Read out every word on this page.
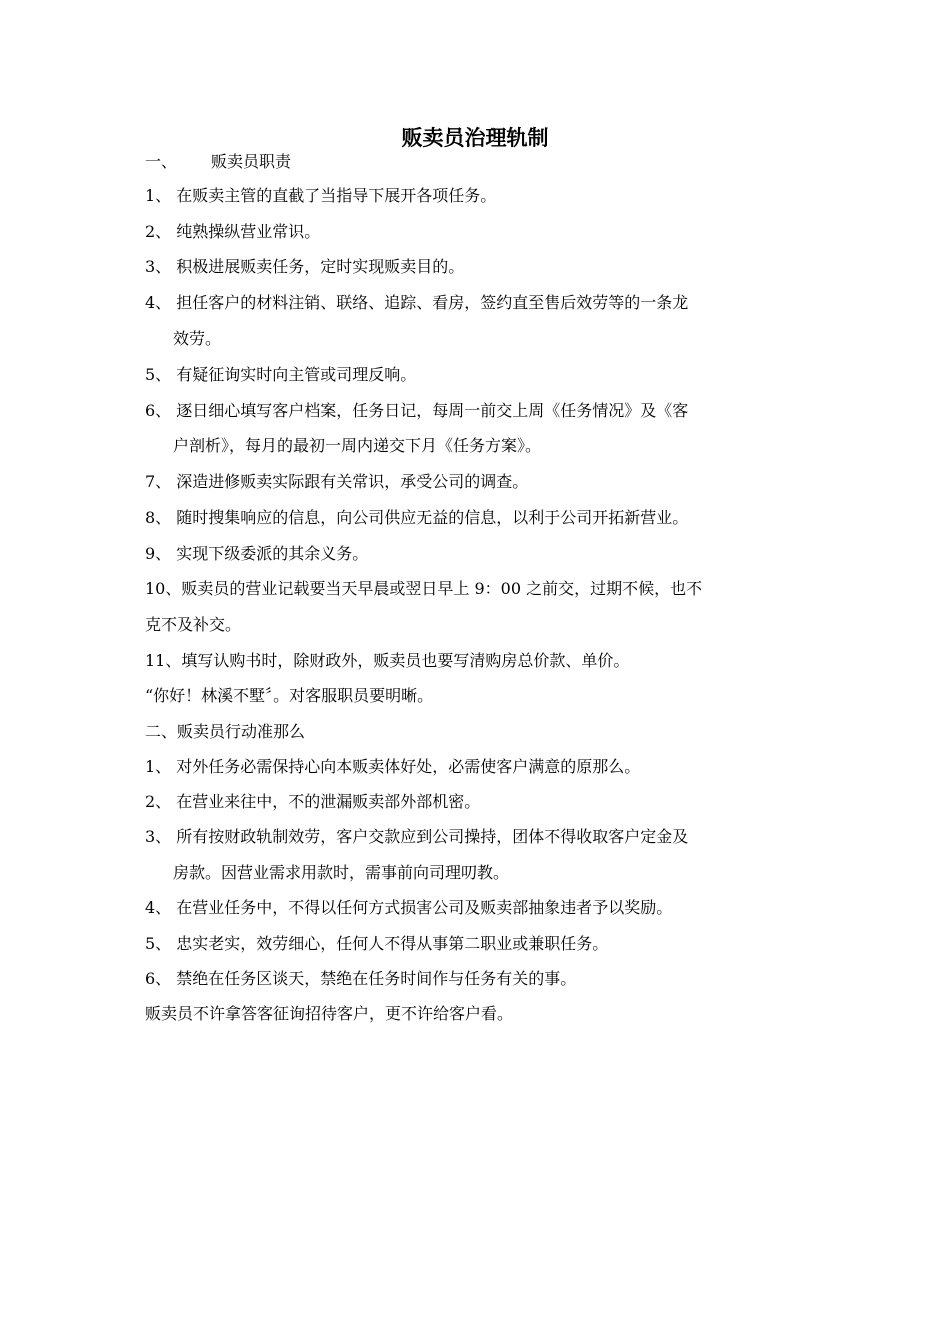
贩卖员治理轨制
一、 贩卖员职责
1、 在贩卖主管的直截了当指导下展开各项任务。
2、 纯熟操纵营业常识。
3、 积极进展贩卖任务，定时实现贩卖目的。
4、 担任客户的材料注销、联络、追踪、看房，签约直至售后效劳等的一条龙
效劳。
5、 有疑征询实时向主管或司理反响。
6、 逐日细心填写客户档案，任务日记，每周一前交上周《任务情况》及《客
户剖析》，每月的最初一周内递交下月《任务方案》。
7、 深造进修贩卖实际跟有关常识，承受公司的调查。
8、 随时搜集响应的信息，向公司供应无益的信息，以利于公司开拓新营业。
9、 实现下级委派的其余义务。
10、贩卖员的营业记载要当天早晨或翌日早上 9：00 之前交，过期不候，也不
克不及补交。
11、填写认购书时，除财政外，贩卖员也要写清购房总价款、单价。
“你好！林溪不墅〞。对客服职员要明晰。
二、贩卖员行动准那么
1、 对外任务必需保持心向本贩卖体好处，必需使客户满意的原那么。
2、 在营业来往中，不的泄漏贩卖部外部机密。
3、 所有按财政轨制效劳，客户交款应到公司操持，团体不得收取客户定金及
房款。因营业需求用款时，需事前向司理叨教。
4、 在营业任务中，不得以任何方式损害公司及贩卖部抽象违者予以奖励。
5、 忠实老实，效劳细心，任何人不得从事第二职业或兼职任务。
6、 禁绝在任务区谈天，禁绝在任务时间作与任务有关的事。
贩卖员不许拿答客征询招待客户，更不许给客户看。
